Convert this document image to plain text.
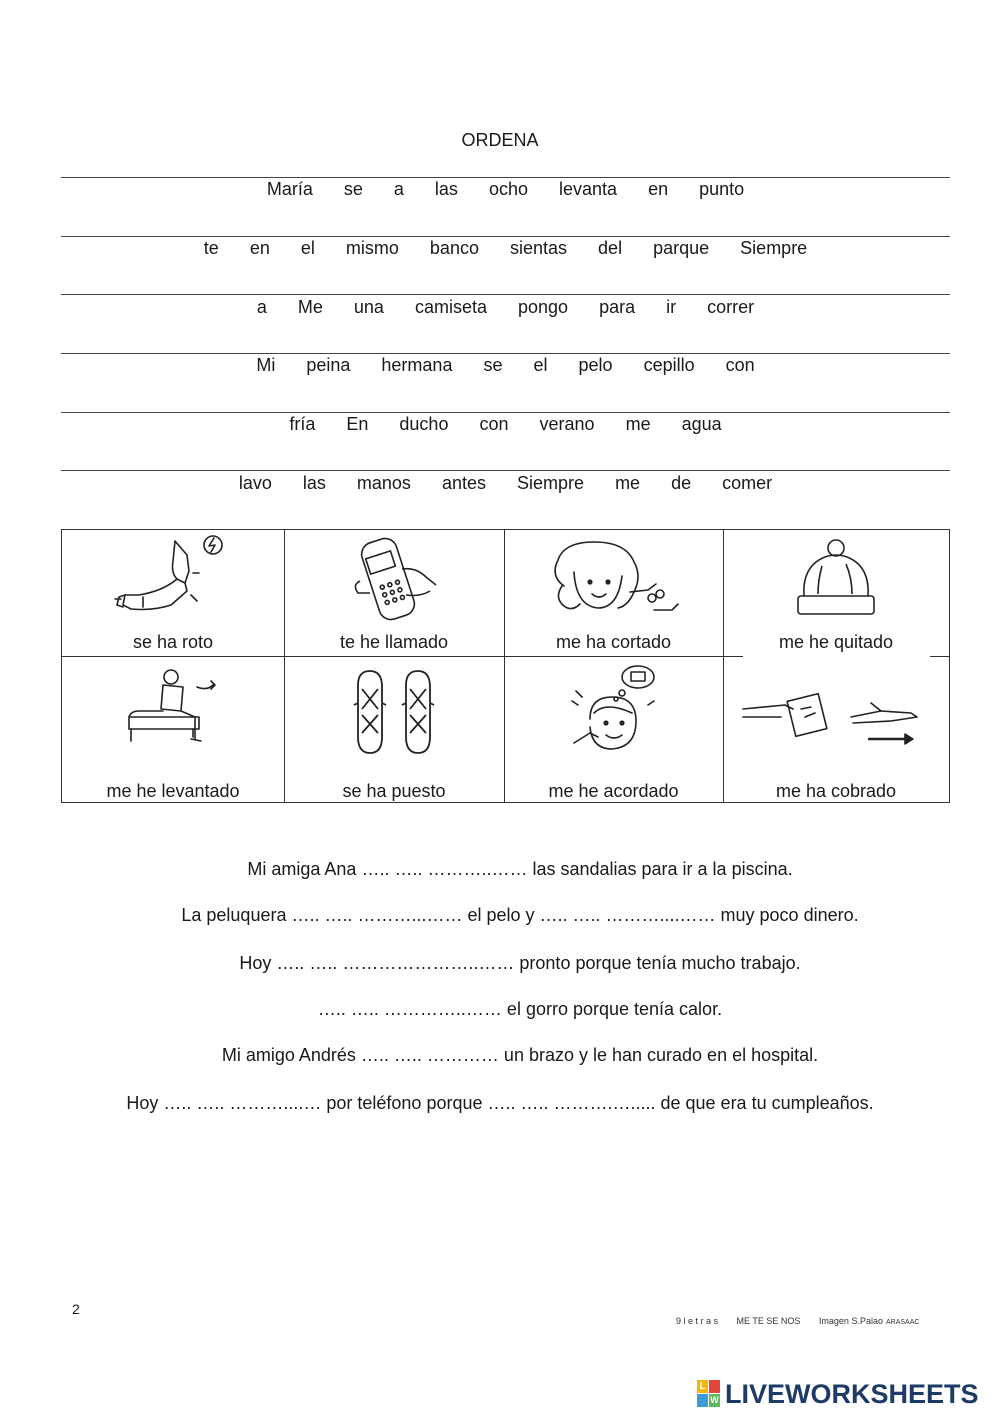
ORDENA
María se a las ocho levanta en punto
te en el mismo banco sientas del parque Siempre
a Me una camiseta pongo para ir correr
Mi peina hermana se el pelo cepillo con
fría En ducho con verano me agua
lavo las manos antes Siempre me de comer
se ha roto	te he llamado	me ha cortado	me he quitado
me he levantado	se ha puesto	me he acordado	me ha cobrado
Mi amiga Ana ….. ….. ………..…… las sandalias para ir a la piscina.
La peluquera ….. ….. ………...…… el pelo y ….. ….. ………....…… muy poco dinero.
Hoy ….. ….. …………………..…… pronto porque tenía mucho trabajo.
….. ….. …………..…… el gorro porque tenía calor.
Mi amigo Andrés ….. ….. ………… un brazo y le han curado en el hospital.
Hoy ….. ….. ………....… por teléfono porque ….. ….. ……….…..... de que era tu cumpleaños.
2
9 l e t r a s ME TE SE NOS Imagen S.Palao ARASAAC
L
W LIVEWORKSHEETS
